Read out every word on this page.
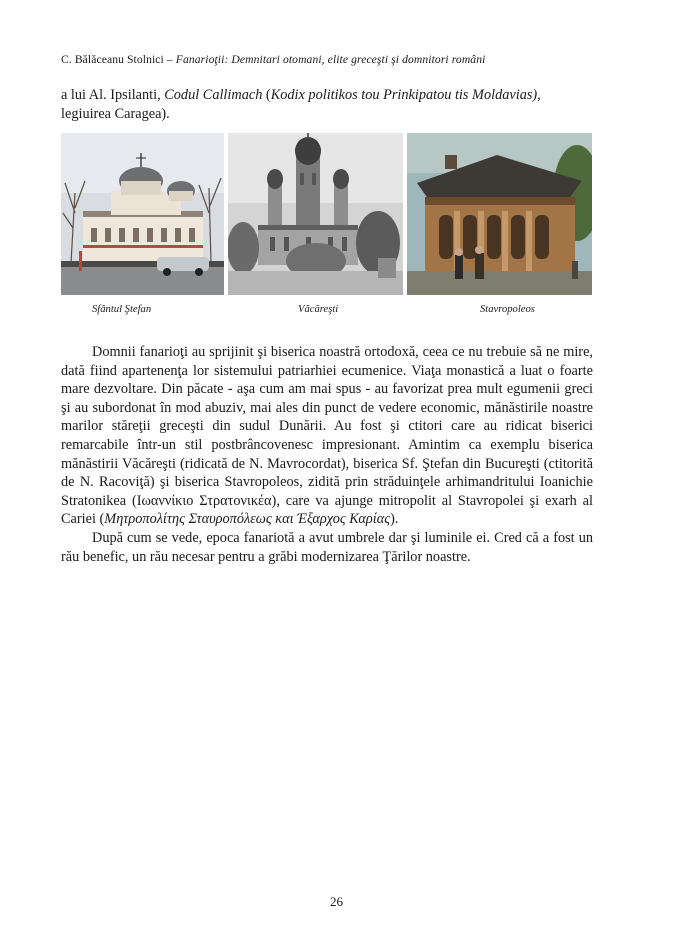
C. Bălăceanu Stolnici – Fanarioţii: Demnitari otomani, elite greceşti şi domnitori români
a lui Al. Ipsilanti, Codul Callimach (Kodix politikos tou Prinkipatou tis Moldavias), legiuirea Caragea).
Sfântul Ştefan	Văcăreşti	Stavropoleos

Domnii fanarioţi au sprijinit şi biserica noastră ortodoxă, ceea ce nu trebuie să ne mire, dată fiind apartenenţa lor sistemului patriarhiei ecumenice. Viaţa monastică a luat o foarte mare dezvoltare. Din păcate - aşa cum am mai spus - au favorizat prea mult egumenii greci şi au subordonat în mod abuziv, mai ales din punct de vedere economic, mănăstirile noastre marilor stăreţii greceşti din sudul Dunării. Au fost şi ctitori care au ridicat biserici remarcabile într-un stil postbrâncovenesc impresionant. Amintim ca exemplu biserica mănăstirii Văcăreşti (ridicată de N. Mavrocordat), biserica Sf. Ştefan din Bucureşti (ctitorită de N. Racoviţă) şi biserica Stavropoleos, zidită prin străduinţele arhimandritului Ioanichie Stratonikea (Ιωαννίκιο Στρατονικέα), care va ajunge mitropolit al Stavropolei şi exarh al Cariei (Μητροπολίτης Σταυροπόλεως και Έξαρχος Καρίας).

După cum se vede, epoca fanariotă a avut umbrele dar şi luminile ei. Cred că a fost un rău benefic, un rău necesar pentru a grăbi modernizarea Ţărilor noastre.

26
